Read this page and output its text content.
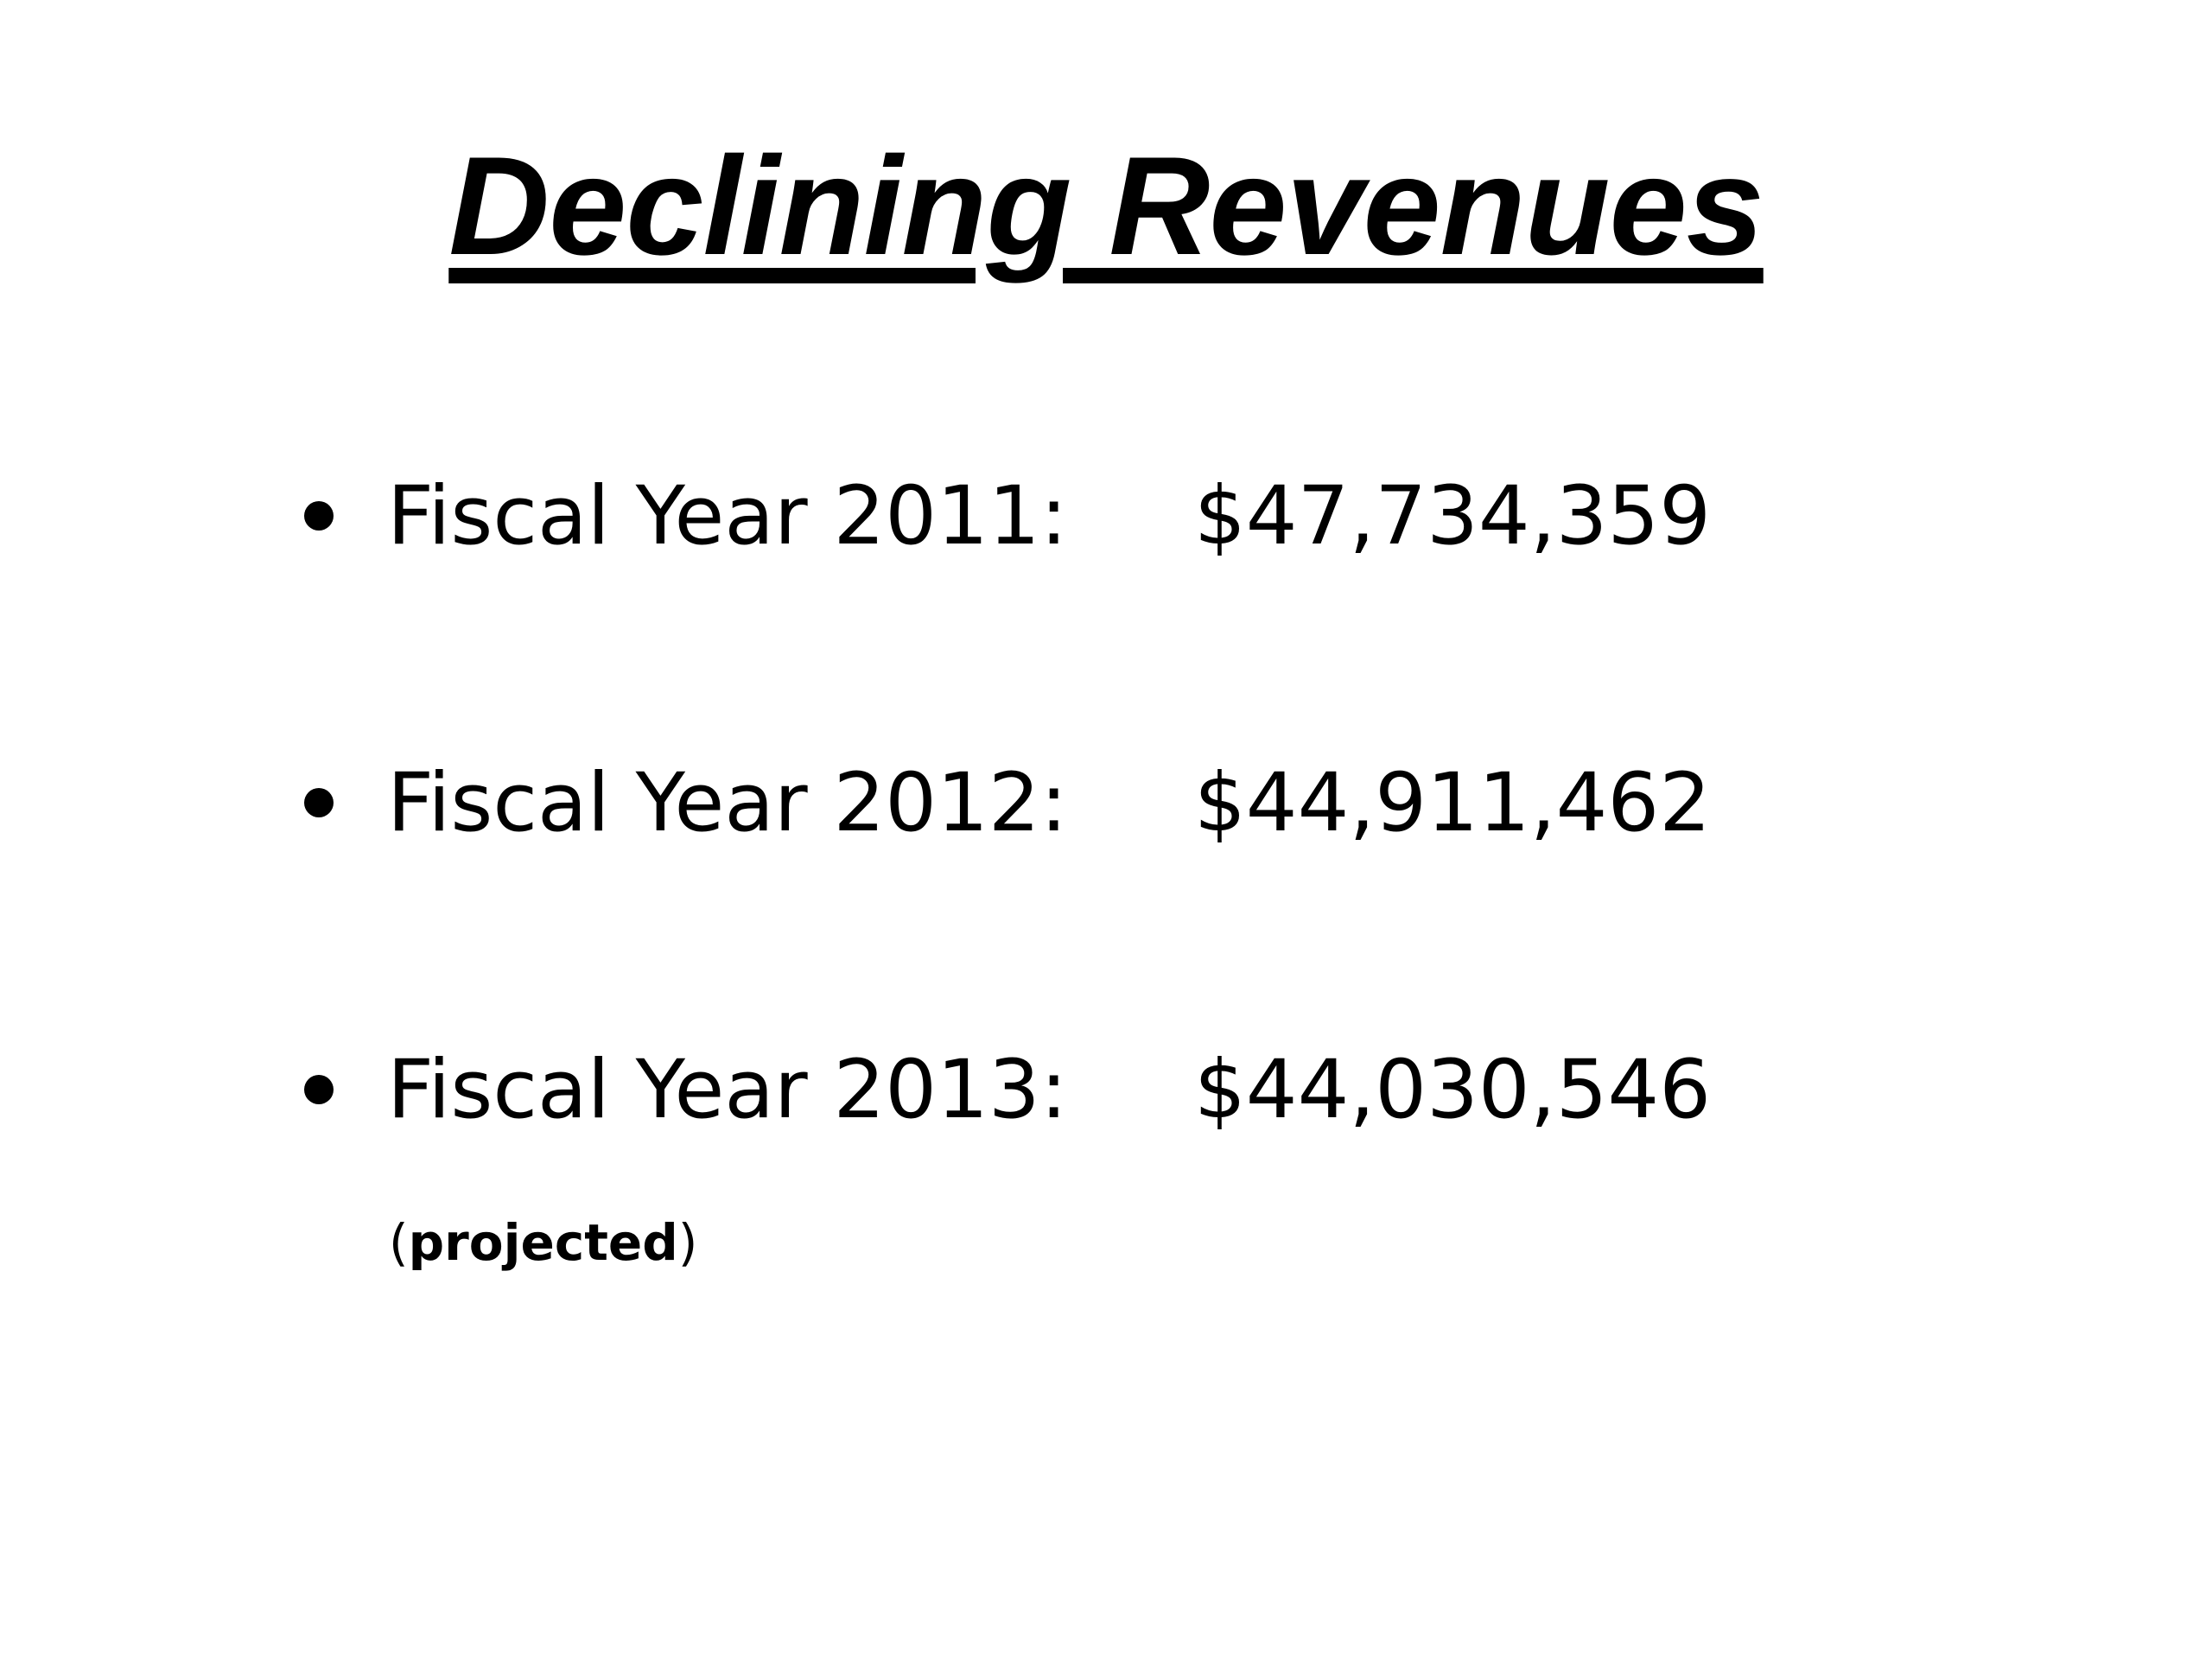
Declining Revenues
Fiscal Year 2011: $47,734,359
Fiscal Year 2012: $44,911,462
Fiscal Year 2013: $44,030,546
(projected)
